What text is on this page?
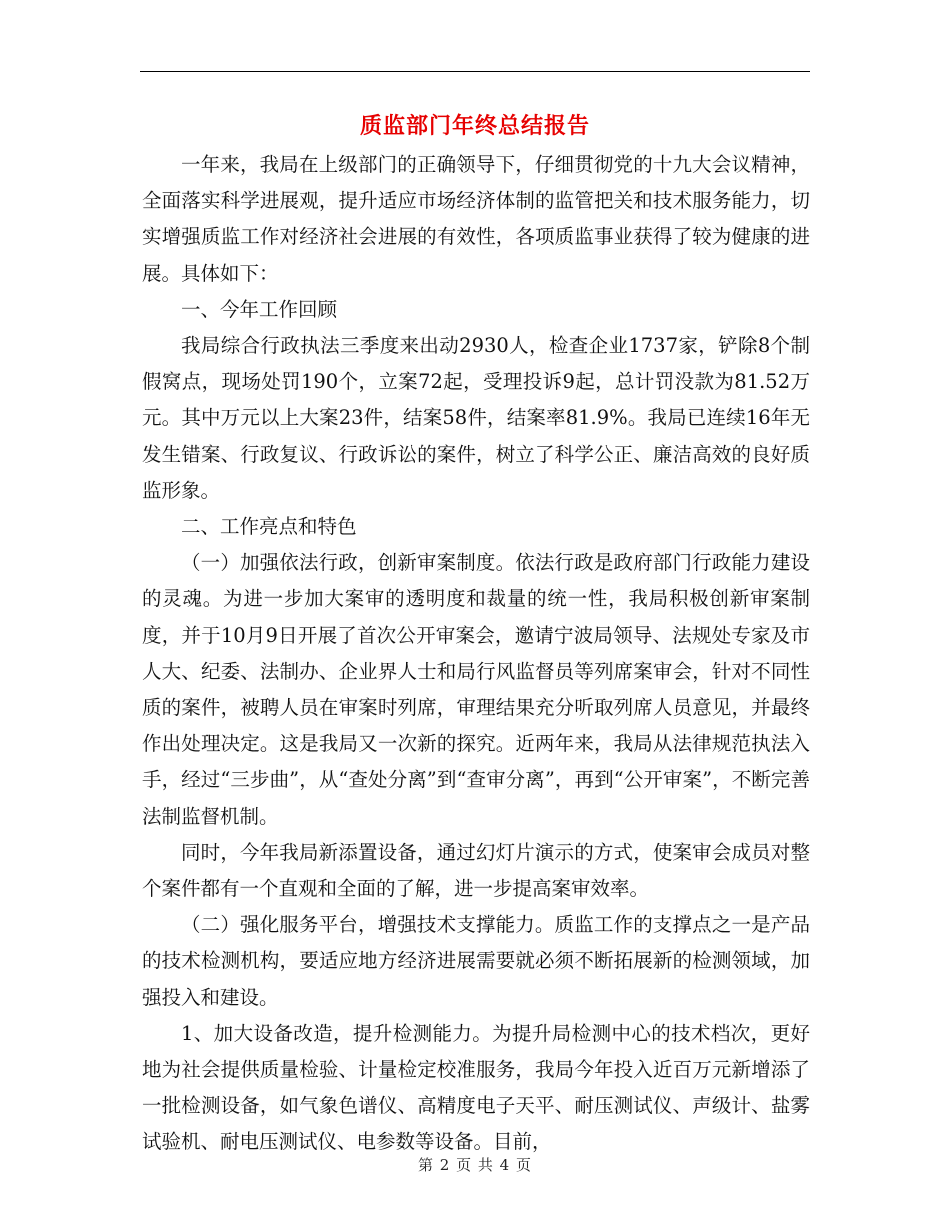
质监部门年终总结报告

一年来，我局在上级部门的正确领导下，仔细贯彻党的十九大会议精神，全面落实科学进展观，提升适应市场经济体制的监管把关和技术服务能力，切实增强质监工作对经济社会进展的有效性，各项质监事业获得了较为健康的进展。具体如下：

一、今年工作回顾

我局综合行政执法三季度来出动2930人，检查企业1737家，铲除8个制假窝点，现场处罚190个，立案72起，受理投诉9起，总计罚没款为81.52万元。其中万元以上大案23件，结案58件，结案率81.9%。我局已连续16年无发生错案、行政复议、行政诉讼的案件，树立了科学公正、廉洁高效的良好质监形象。

二、工作亮点和特色

（一）加强依法行政，创新审案制度。依法行政是政府部门行政能力建设的灵魂。为进一步加大案审的透明度和裁量的统一性，我局积极创新审案制度，并于10月9日开展了首次公开审案会，邀请宁波局领导、法规处专家及市人大、纪委、法制办、企业界人士和局行风监督员等列席案审会，针对不同性质的案件，被聘人员在审案时列席，审理结果充分听取列席人员意见，并最终作出处理决定。这是我局又一次新的探究。近两年来，我局从法律规范执法入手，经过“三步曲”，从“查处分离”到“查审分离”，再到“公开审案”，不断完善法制监督机制。

同时，今年我局新添置设备，通过幻灯片演示的方式，使案审会成员对整个案件都有一个直观和全面的了解，进一步提高案审效率。

（二）强化服务平台，增强技术支撑能力。质监工作的支撑点之一是产品的技术检测机构，要适应地方经济进展需要就必须不断拓展新的检测领域，加强投入和建设。

1、加大设备改造，提升检测能力。为提升局检测中心的技术档次，更好地为社会提供质量检验、计量检定校准服务，我局今年投入近百万元新增添了一批检测设备，如气象色谱仪、高精度电子天平、耐压测试仪、声级计、盐雾试验机、耐电压测试仪、电参数等设备。目前，

第 2 页 共 4 页
